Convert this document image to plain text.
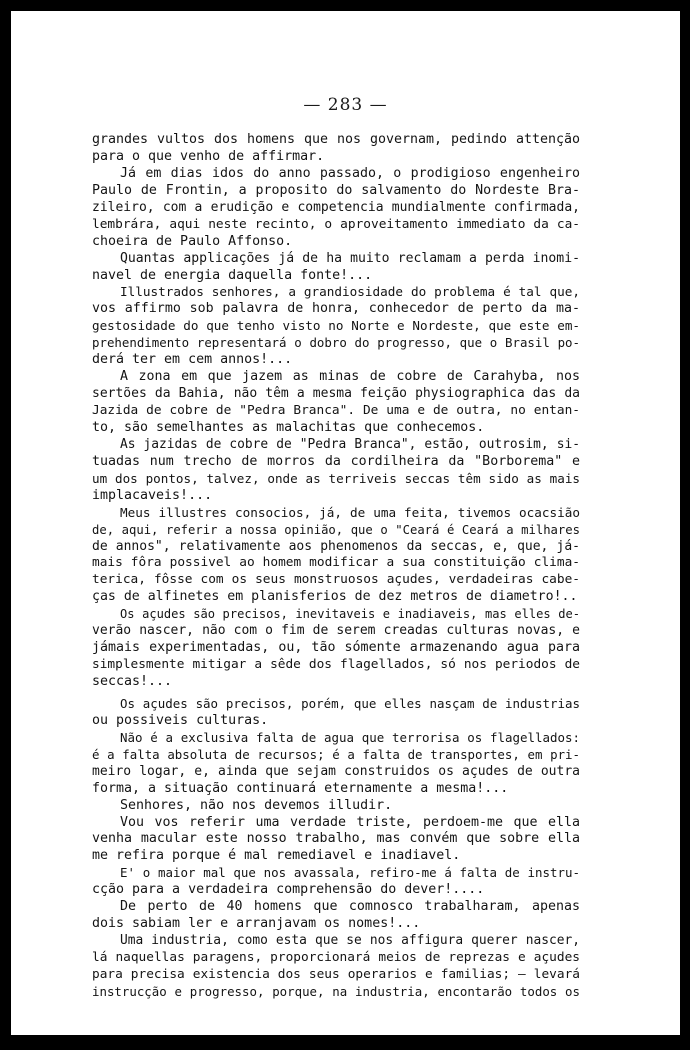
— 283 —
grandes vultos dos homens que nos governam, pedindo attenção
para o que venho de affirmar.
Já em dias idos do anno passado, o prodigioso engenheiro
Paulo de Frontin, a proposito do salvamento do Nordeste Bra-
zileiro, com a erudição e competencia mundialmente confirmada,
lembrára, aqui neste recinto, o aproveitamento immediato da ca-
choeira de Paulo Affonso.
Quantas applicações já de ha muito reclamam a perda inomi-
navel de energia daquella fonte!...
Illustrados senhores, a grandiosidade do problema é tal que,
vos affirmo sob palavra de honra, conhecedor de perto da ma-
gestosidade do que tenho visto no Norte e Nordeste, que este em-
prehendimento representará o dobro do progresso, que o Brasil po-
derá ter em cem annos!...
A zona em que jazem as minas de cobre de Carahyba, nos
sertões da Bahia, não têm a mesma feição physiographica das da
Jazida de cobre de "Pedra Branca". De uma e de outra, no entan-
to, são semelhantes as malachitas que conhecemos.
As jazidas de cobre de "Pedra Branca", estão, outrosim, si-
tuadas num trecho de morros da cordilheira da "Borborema" e
um dos pontos, talvez, onde as terriveis seccas têm sido as mais
implacaveis!...
Meus illustres consocios, já, de uma feita, tivemos ocacsião
de, aqui, referir a nossa opinião, que o "Ceará é Ceará a milhares
de annos", relativamente aos phenomenos da seccas, e, que, já-
mais fôra possivel ao homem modificar a sua constituição clima-
terica, fôsse com os seus monstruosos açudes, verdadeiras cabe-
ças de alfinetes em planisferios de dez metros de diametro!..
Os açudes são precisos, inevitaveis e inadiaveis, mas elles de-
verão nascer, não com o fim de serem creadas culturas novas, e
jámais experimentadas, ou, tão sómente armazenando agua para
simplesmente mitigar a sêde dos flagellados, só nos periodos de
seccas!...
Os açudes são precisos, porém, que elles nasçam de industrias
ou possiveis culturas.
Não é a exclusiva falta de agua que terrorisa os flagellados:
é a falta absoluta de recursos; é a falta de transportes, em pri-
meiro logar, e, ainda que sejam construidos os açudes de outra
forma, a situação continuará eternamente a mesma!...
Senhores, não nos devemos illudir.
Vou vos referir uma verdade triste, perdoem-me que ella
venha macular este nosso trabalho, mas convém que sobre ella
me refira porque é mal remediavel e inadiavel.
E' o maior mal que nos avassala, refiro-me á falta de instru-
cção para a verdadeira comprehensão do dever!....
De perto de 40 homens que comnosco trabalharam, apenas
dois sabiam ler e arranjavam os nomes!...
Uma industria, como esta que se nos affigura querer nascer,
lá naquellas paragens, proporcionará meios de reprezas e açudes
para precisa existencia dos seus operarios e familias; — levará
instrucção e progresso, porque, na industria, encontarão todos os
